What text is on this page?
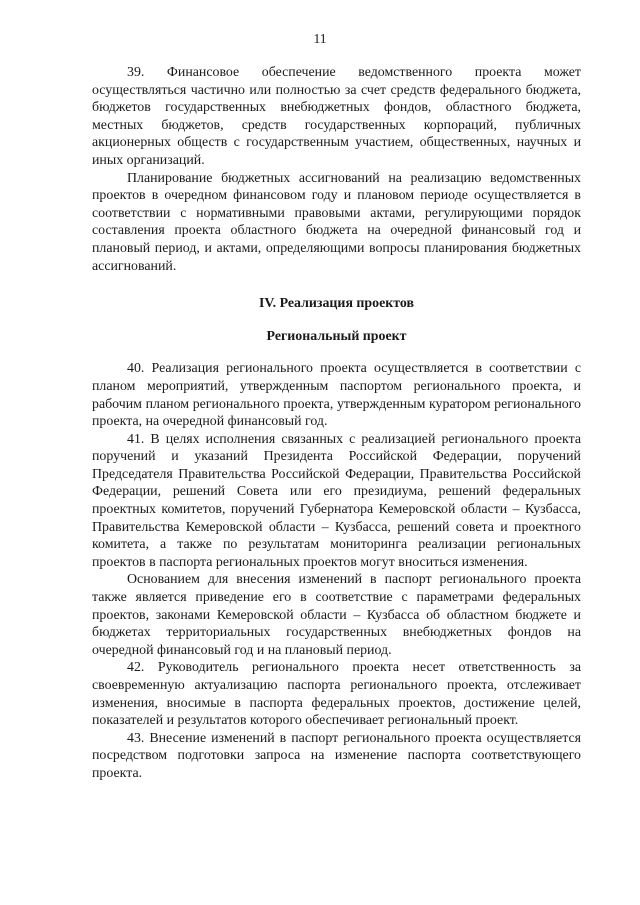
11

39. Финансовое обеспечение ведомственного проекта может осуществляться частично или полностью за счет средств федерального бюджета, бюджетов государственных внебюджетных фондов, областного бюджета, местных бюджетов, средств государственных корпораций, публичных акционерных обществ с государственным участием, общественных, научных и иных организаций.

Планирование бюджетных ассигнований на реализацию ведомственных проектов в очередном финансовом году и плановом периоде осуществляется в соответствии с нормативными правовыми актами, регулирующими порядок составления проекта областного бюджета на очередной финансовый год и плановый период, и актами, определяющими вопросы планирования бюджетных ассигнований.

IV. Реализация проектов

Региональный проект

40. Реализация регионального проекта осуществляется в соответствии с планом мероприятий, утвержденным паспортом регионального проекта, и рабочим планом регионального проекта, утвержденным куратором регионального проекта, на очередной финансовый год.

41. В целях исполнения связанных с реализацией регионального проекта поручений и указаний Президента Российской Федерации, поручений Председателя Правительства Российской Федерации, Правительства Российской Федерации, решений Совета или его президиума, решений федеральных проектных комитетов, поручений Губернатора Кемеровской области – Кузбасса, Правительства Кемеровской области – Кузбасса, решений совета и проектного комитета, а также по результатам мониторинга реализации региональных проектов в паспорта региональных проектов могут вноситься изменения.

Основанием для внесения изменений в паспорт регионального проекта также является приведение его в соответствие с параметрами федеральных проектов, законами Кемеровской области – Кузбасса об областном бюджете и бюджетах территориальных государственных внебюджетных фондов на очередной финансовый год и на плановый период.

42. Руководитель регионального проекта несет ответственность за своевременную актуализацию паспорта регионального проекта, отслеживает изменения, вносимые в паспорта федеральных проектов, достижение целей, показателей и результатов которого обеспечивает региональный проект.

43. Внесение изменений в паспорт регионального проекта осуществляется посредством подготовки запроса на изменение паспорта соответствующего проекта.
